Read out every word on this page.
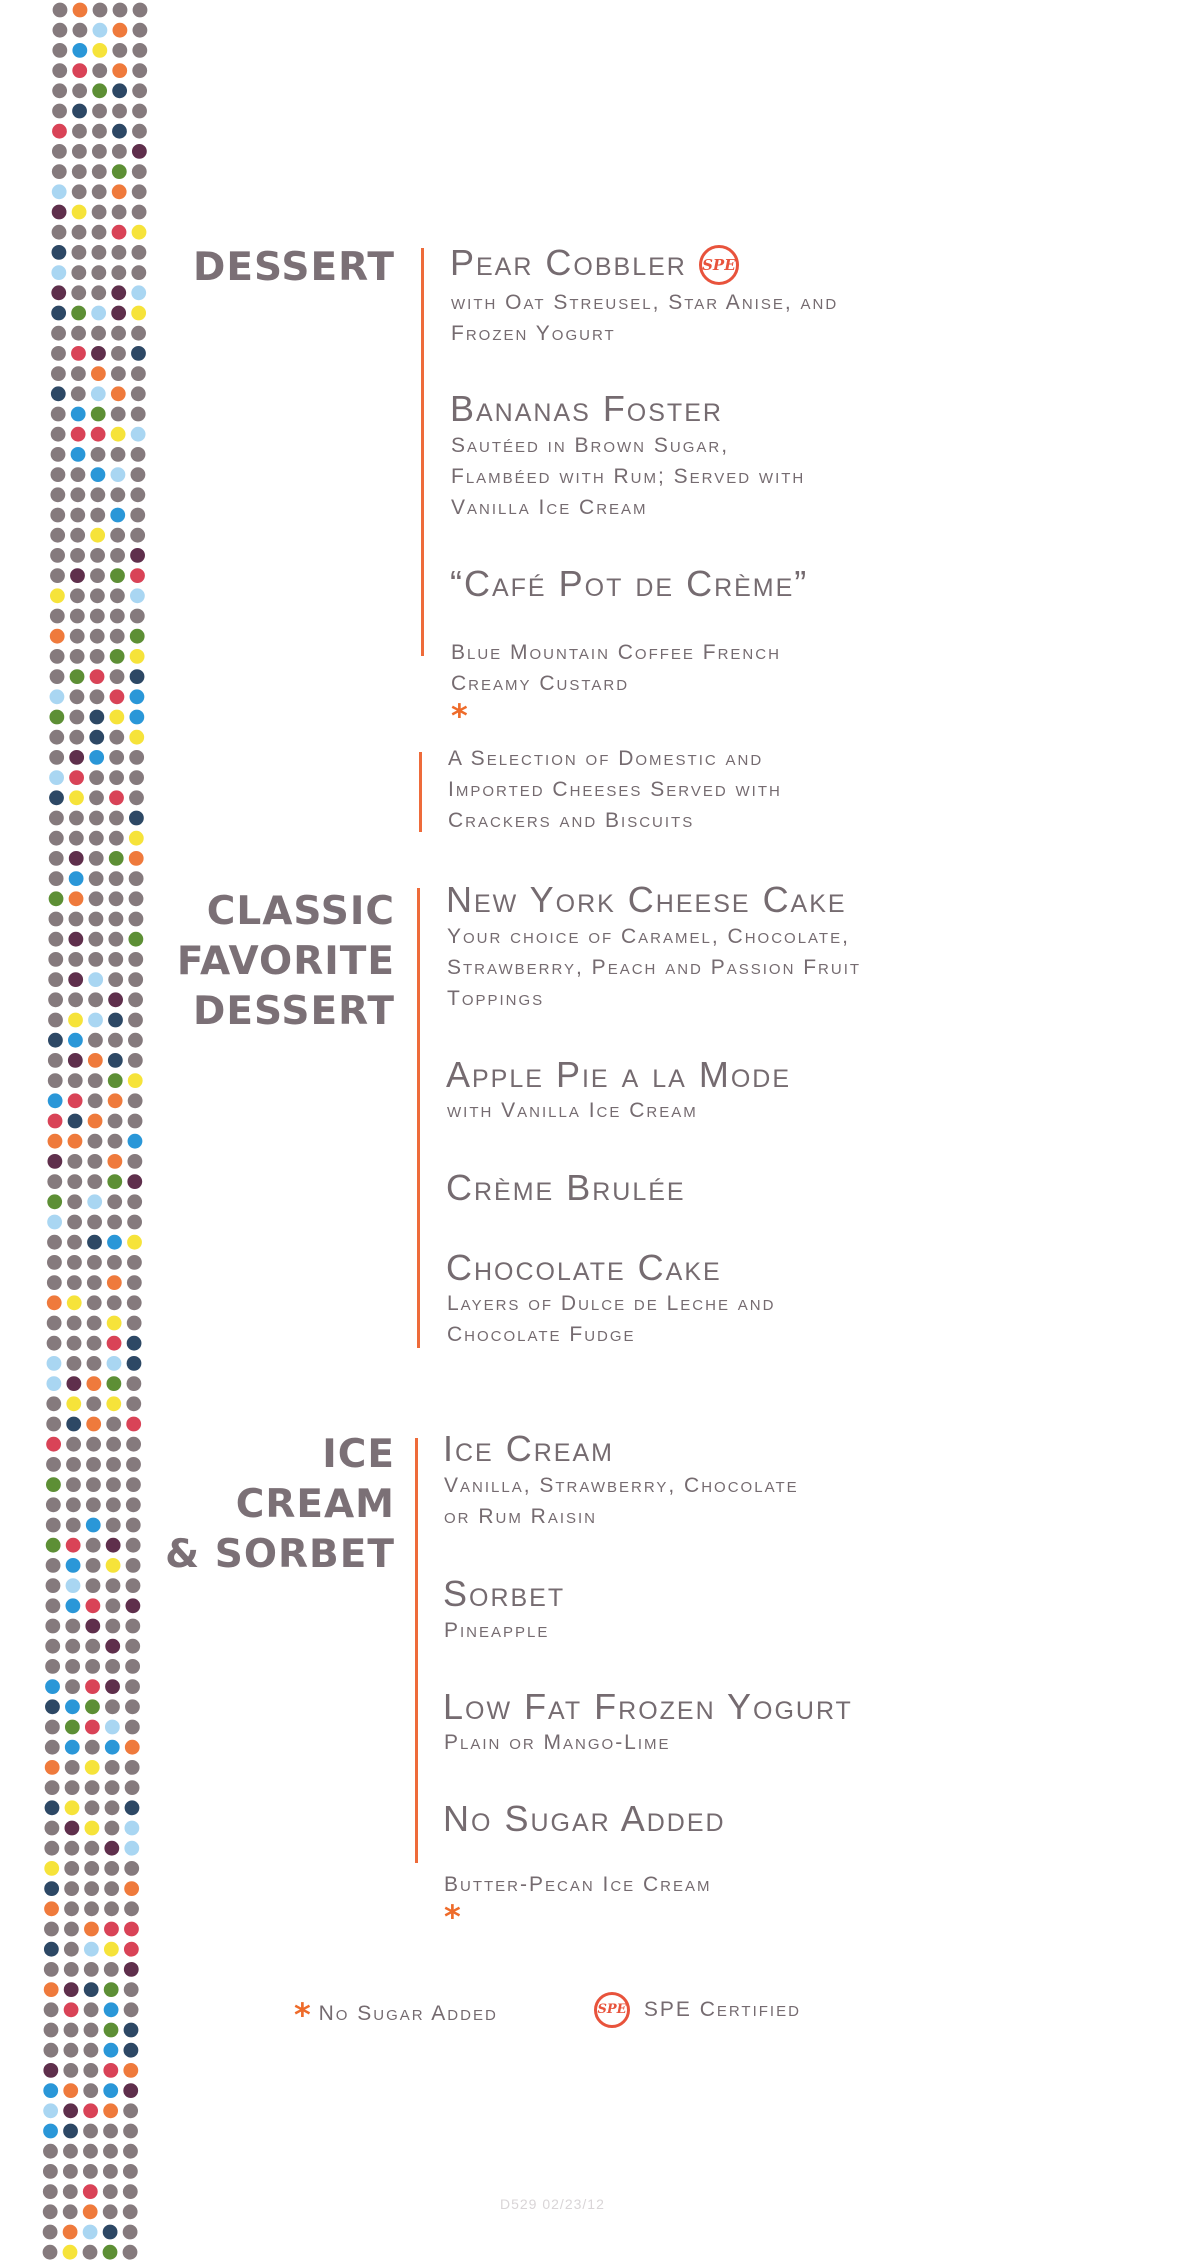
DESSERT Pear Cobbler SPE
with Oat Streusel, Star Anise, and
Frozen Yogurt
Bananas Foster
Sautéed in Brown Sugar,
Flambéed with Rum; Served with
Vanilla Ice Cream
“Café Pot de Crème”

Blue Mountain Coffee French
Creamy Custard
*

A Selection of Domestic and
Imported Cheeses Served with
Crackers and Biscuits
CLASSIC
FAVORITE
DESSERT
New York Cheese Cake
Your choice of Caramel, Chocolate,
Strawberry, Peach and Passion Fruit
Toppings
Apple Pie a la Mode
with Vanilla Ice Cream
Crème Brulée
Chocolate Cake
Layers of Dulce de Leche and
Chocolate Fudge
ICE
CREAM
& SORBET
Ice Cream
Vanilla, Strawberry, Chocolate
or Rum Raisin
Sorbet
Pineapple
Low Fat Frozen Yogurt
Plain or Mango-Lime
No Sugar Added

Butter-Pecan Ice Cream
*

* No Sugar Added	SPE SPE Certified
D529 02/23/12
